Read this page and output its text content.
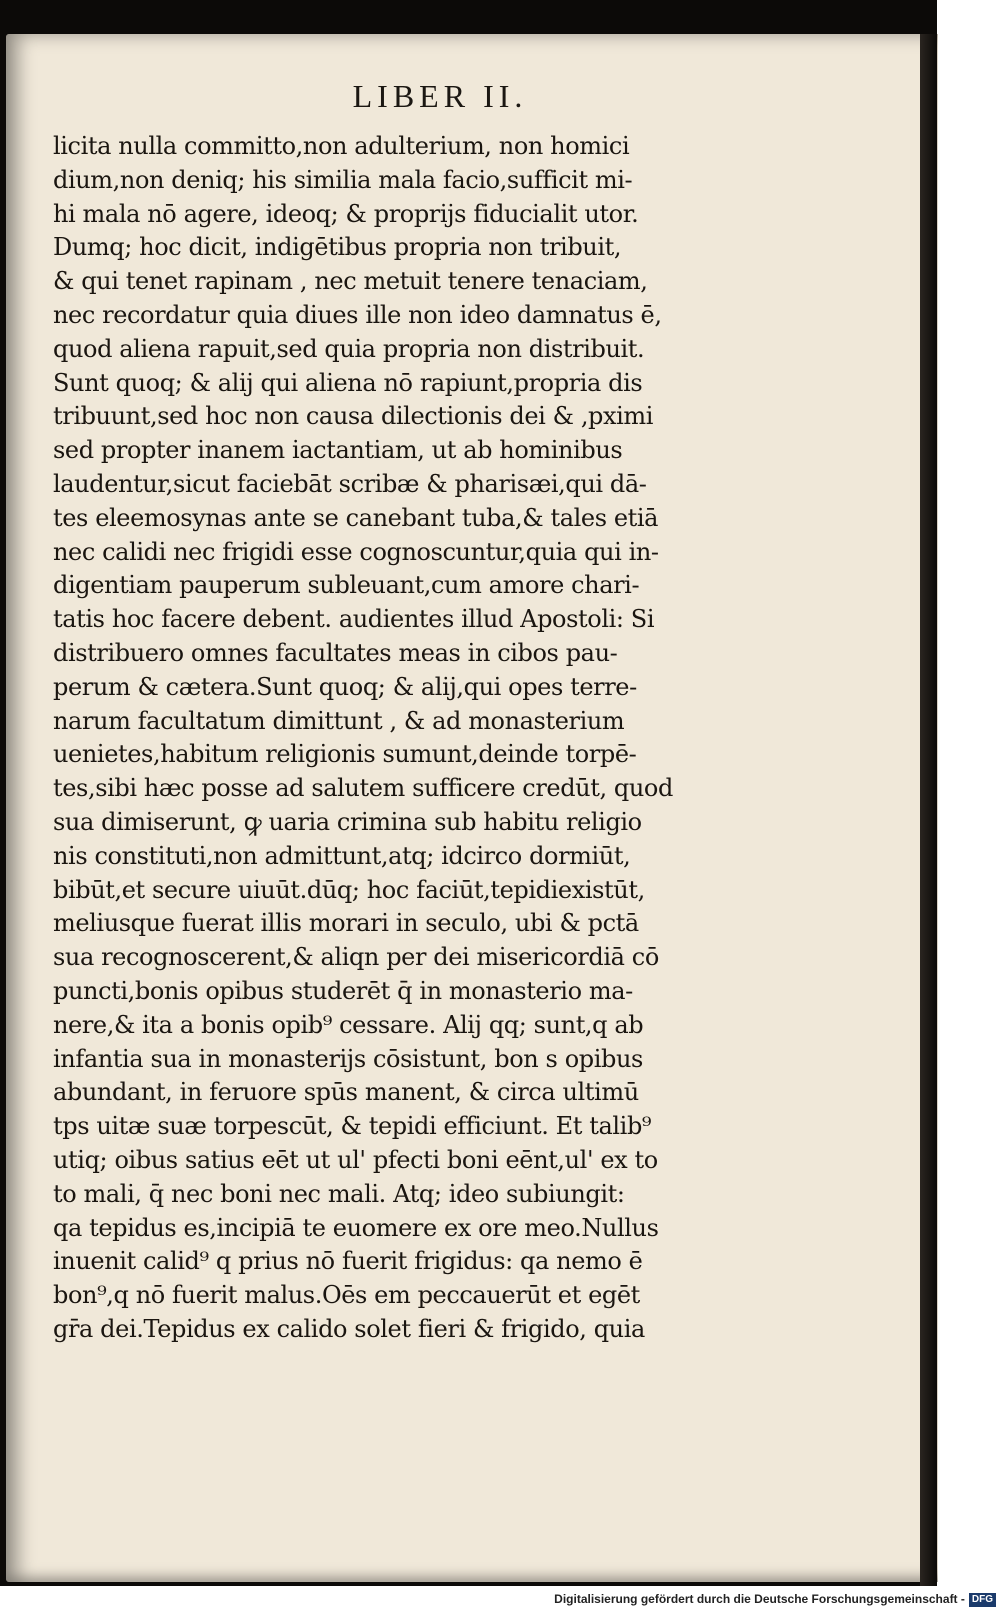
LIBER II.
licita nulla committo,non adulterium, non homici
dium,non deniq; his similia mala facio,sufficit mi-
hi mala nō agere, ideoq; & proprijs fiducialit utor.
Dumq; hoc dicit, indigētibus propria non tribuit,
& qui tenet rapinam , nec metuit tenere tenaciam,
nec recordatur quia diues ille non ideo damnatus ē,
quod aliena rapuit,sed quia propria non distribuit.
Sunt quoq; & alij qui aliena nō rapiunt,propria dis
tribuunt,sed hoc non causa dilectionis dei & ,pximi
sed propter inanem iactantiam, ut ab hominibus
laudentur,sicut faciebāt scribæ & pharisæi,qui dā-
tes eleemosynas ante se canebant tuba,& tales etiā
nec calidi nec frigidi esse cognoscuntur,quia qui in-
digentiam pauperum subleuant,cum amore chari-
tatis hoc facere debent. audientes illud Apostoli: Si
distribuero omnes facultates meas in cibos pau-
perum & cætera.Sunt quoq; & alij,qui opes terre-
narum facultatum dimittunt , & ad monasterium
uenietes,habitum religionis sumunt,deinde torpē-
tes,sibi hæc posse ad salutem sufficere credūt, quod
sua dimiserunt, ꝙ uaria crimina sub habitu religio
nis constituti,non admittunt,atq; idcirco dormiūt,
bibūt,et secure uiuūt.dūq; hoc faciūt,tepidiexistūt,
meliusque fuerat illis morari in seculo, ubi & pctā
sua recognoscerent,& aliqn per dei misericordiā cō
puncti,bonis opibus studerēt q̄ in monasterio ma-
nere,& ita a bonis opib⁹ cessare. Alij qq; sunt,q ab
infantia sua in monasterijs cōsistunt, bon s opibus
abundant, in feruore spūs manent, & circa ultimū
tps uitæ suæ torpescūt, & tepidi efficiunt. Et talib⁹
utiq; oibus satius eēt ut ul' pfecti boni eēnt,ul' ex to
to mali, q̄ nec boni nec mali. Atq; ideo subiungit:
qa tepidus es,incipiā te euomere ex ore meo.Nullus
inuenit calid⁹ q prius nō fuerit frigidus: qa nemo ē
bon⁹,q nō fuerit malus.Oēs em peccauerūt et egēt
gr̄a dei.Tepidus ex calido solet fieri & frigido, quia
Digitalisierung gefördert durch die Deutsche Forschungsgemeinschaft - DFG
